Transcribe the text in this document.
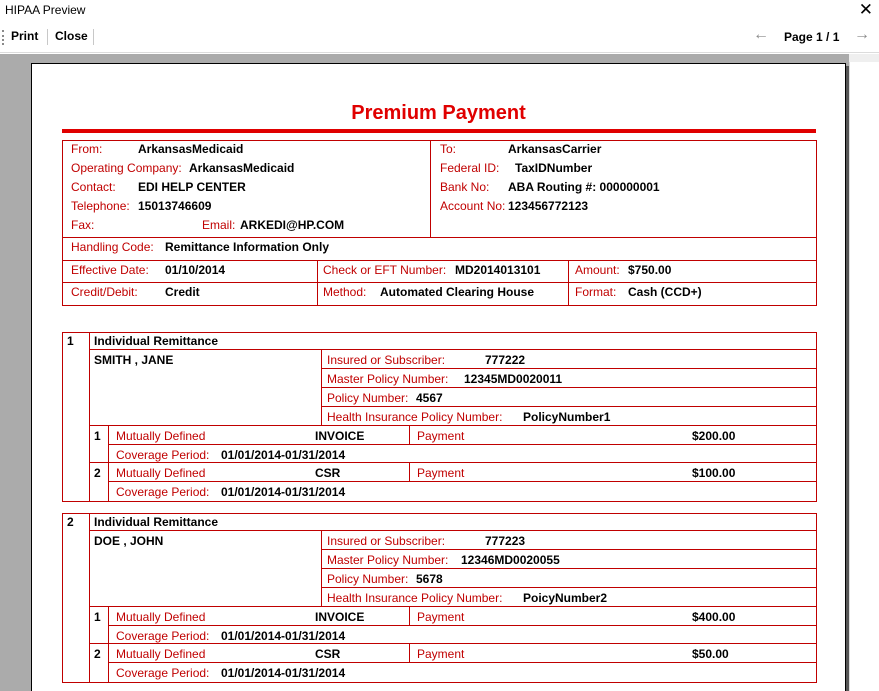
HIPAA Preview	✕
Print Close	← Page 1 / 1 →
Premium Payment
From:	ArkansasMedicaid
Operating Company: ArkansasMedicaid
Contact: EDI HELP CENTER
Telephone: 15013746609
Fax:	Email: ARKEDI@HP.COM
To:	ArkansasCarrier
Federal ID: TaxIDNumber
Bank No: ABA Routing #: 000000001
Account No: 123456772123
Handling Code: Remittance Information Only
Effective Date: 01/10/2014	Check or EFT Number: MD2014013101	Amount: $750.00
Credit/Debit: Credit	Method: Automated Clearing House	Format: Cash (CCD+)
1 Individual Remittance
SMITH , JANE	Insured or Subscriber:	777222
Master Policy Number: 12345MD0020011
Policy Number: 4567
Health Insurance Policy Number: PolicyNumber1
1 Mutually Defined	INVOICE	Payment	$200.00
Coverage Period: 01/01/2014-01/31/2014
2 Mutually Defined	CSR	Payment	$100.00
Coverage Period: 01/01/2014-01/31/2014
2 Individual Remittance
DOE , JOHN	Insured or Subscriber:	777223
Master Policy Number: 12346MD0020055
Policy Number: 5678
Health Insurance Policy Number: PoicyNumber2
1 Mutually Defined	INVOICE	Payment	$400.00
Coverage Period: 01/01/2014-01/31/2014
2 Mutually Defined	CSR	Payment	$50.00
Coverage Period: 01/01/2014-01/31/2014
